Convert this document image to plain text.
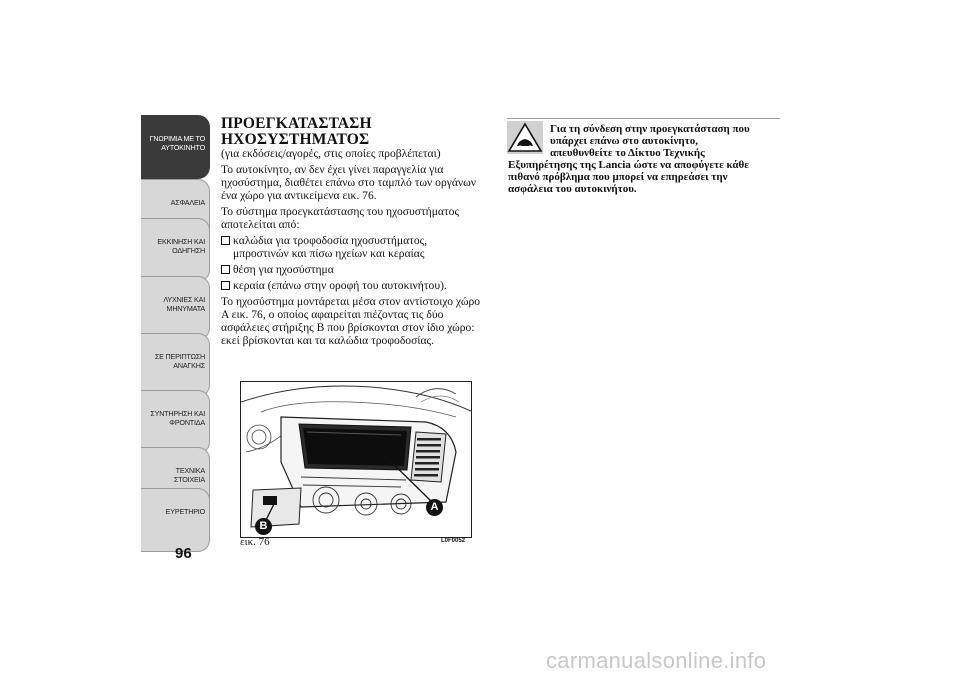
ΓΝΩΡΙΜΙΑ ΜΕ ΤΟ
ΑΥΤΟΚΙΝΗΤΟ
ΑΣΦΑΛΕΙΑ
ΕΚΚΙΝΗΣΗ ΚΑΙ
ΟΔΗΓΗΣΗ
ΛΥΧΝΙΕΣ ΚΑΙ
ΜΗΝΥΜΑΤΑ
ΣΕ ΠΕΡΙΠΤΩΣΗ
ΑΝΑΓΚΗΣ
ΣΥΝΤΗΡΗΣΗ ΚΑΙ
ΦΡΟΝΤΙΔΑ
ΤΕΧΝΙΚΑ ΣΤΟΙΧΕΙΑ
ΕΥΡΕΤΗΡΙΟ
96
ΠΡΟΕΓΚΑΤΑΣΤΑΣΗ
ΗΧΟΣΥΣΤΗΜΑΤΟΣ
(για εκδόσεις/αγορές, στις οποίες προβλέπεται)
Το αυτοκίνητο, αν δεν έχει γίνει παραγγελία για
ηχοσύστημα, διαθέτει επάνω στο ταμπλό των οργάνων
ένα χώρο για αντικείμενα εικ. 76.
Το σύστημα προεγκατάστασης του ηχοσυστήματος
αποτελείται από:
καλώδια για τροφοδοσία ηχοσυστήματος,
μπροστινών και πίσω ηχείων και κεραίας
θέση για ηχοσύστημα
κεραία (επάνω στην οροφή του αυτοκινήτου).
Το ηχοσύστημα μοντάρεται μέσα στον αντίστοιχο χώρο
Α εικ. 76, ο οποίος αφαιρείται πιέζοντας τις δύο
ασφάλειες στήριξης Β που βρίσκονται στον ίδιο χώρο:
εκεί βρίσκονται και τα καλώδια τροφοδοσίας.
Για τη σύνδεση στην προεγκατάσταση που
υπάρχει επάνω στο αυτοκίνητο,
απευθυνθείτε το Δίκτυο Τεχνικής
Εξυπηρέτησης της Lancia ώστε να αποφύγετε κάθε
πιθανό πρόβλημα που μπορεί να επηρεάσει την
ασφάλεια του αυτοκινήτου.
A
B
εικ. 76	L0F0052
carmanualsonline.info
